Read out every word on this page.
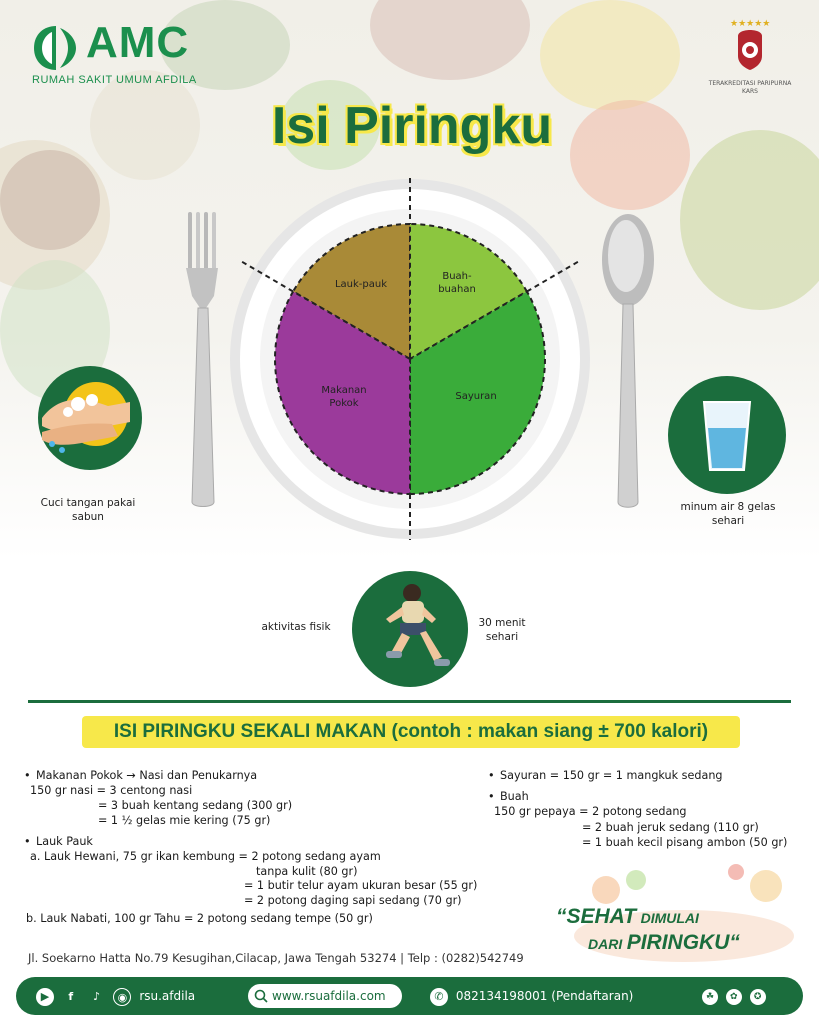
AMC
RUMAH SAKIT UMUM AFDILA
★★★★★
TERAKREDITASI PARIPURNA KARS
Isi Piringku
Lauk-pauk
Buah-buahan
Sayuran
Makanan Pokok
Cuci tangan pakai sabun
minum air 8 gelas sehari
aktivitas fisik	30 menit sehari
ISI PIRINGKU SEKALI MAKAN (contoh : makan siang ± 700 kalori)
• Makanan Pokok → Nasi dan Penukarnya
150 gr nasi = 3 centong nasi
= 3 buah kentang sedang (300 gr)
= 1 ½ gelas mie kering (75 gr)
• Lauk Pauk
a. Lauk Hewani, 75 gr ikan kembung = 2 potong sedang ayam
tanpa kulit (80 gr)
= 1 butir telur ayam ukuran besar (55 gr)
= 2 potong daging sapi sedang (70 gr)
b. Lauk Nabati, 100 gr Tahu = 2 potong sedang tempe (50 gr)
• Sayuran = 150 gr = 1 mangkuk sedang
• Buah
150 gr pepaya = 2 potong sedang
= 2 buah jeruk sedang (110 gr)
= 1 buah kecil pisang ambon (50 gr)
“SEHAT DIMULAI
DARI PIRINGKU“
Jl. Soekarno Hatta No.79 Kesugihan,Cilacap, Jawa Tengah 53274 | Telp : (0282)542749
▶ f ♪ ◉ rsu.afdila	www.rsuafdila.com	✆ 082134198001 (Pendaftaran)	☘ ✿ ✪
